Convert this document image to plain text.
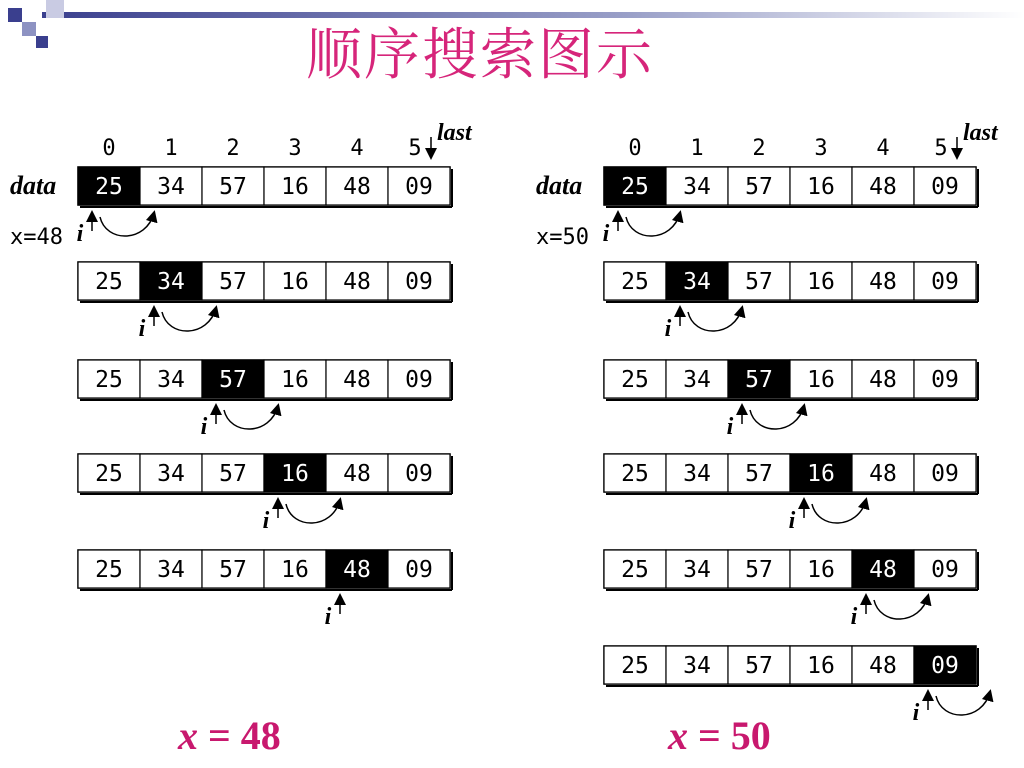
顺序搜索图示
0 1 2 3 4 5
last
data
x=48
25 34 57 16 48 09
i
25 34 57 16 48 09
i
25 34 57 16 48 09
i
25 34 57 16 48 09
i
25 34 57 16 48 09
i
0 1 2 3 4 5
last
data
x=50
25 34 57 16 48 09
i
25 34 57 16 48 09
i
25 34 57 16 48 09
i
25 34 57 16 48 09
i
25 34 57 16 48 09
i
25 34 57 16 48 09
i
x = 48	x = 50
